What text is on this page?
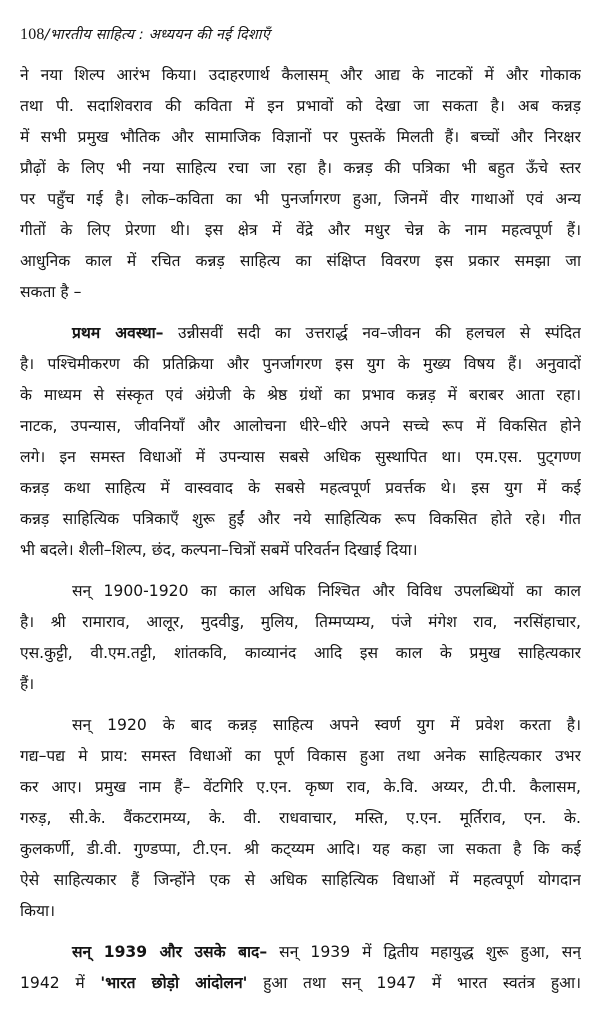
108/भारतीय साहित्य : अध्ययन की नई दिशाएँ
ने नया शिल्प आरंभ किया। उदाहरणार्थ कैलासम् और आद्य के नाटकों में और गोकाक
तथा पी. सदाशिवराव की कविता में इन प्रभावों को देखा जा सकता है। अब कन्नड़
में सभी प्रमुख भौतिक और सामाजिक विज्ञानों पर पुस्तकें मिलती हैं। बच्चों और निरक्षर
प्रौढ़ों के लिए भी नया साहित्य रचा जा रहा है। कन्नड़ की पत्रिका भी बहुत ऊँचे स्तर
पर पहुँच गई है। लोक–कविता का भी पुनर्जागरण हुआ, जिनमें वीर गाथाओं एवं अन्य
गीतों के लिए प्रेरणा थी। इस क्षेत्र में वेंद्रे और मधुर चेन्न के नाम महत्वपूर्ण हैं।
आधुनिक काल में रचित कन्नड़ साहित्य का संक्षिप्त विवरण इस प्रकार समझा जा
सकता है –
प्रथम अवस्था– उन्नीसवीं सदी का उत्तरार्द्ध नव–जीवन की हलचल से स्पंदित
है। पश्चिमीकरण की प्रतिक्रिया और पुनर्जागरण इस युग के मुख्य विषय हैं। अनुवादों
के माध्यम से संस्कृत एवं अंग्रेजी के श्रेष्ठ ग्रंथों का प्रभाव कन्नड़ में बराबर आता रहा।
नाटक, उपन्यास, जीवनियाँ और आलोचना धीरे–धीरे अपने सच्चे रूप में विकसित होने
लगे। इन समस्त विधाओं में उपन्यास सबसे अधिक सुस्थापित था। एम.एस. पुट्गण्ण
कन्नड़ कथा साहित्य में वास्ववाद के सबसे महत्वपूर्ण प्रवर्त्तक थे। इस युग में कई
कन्नड़ साहित्यिक पत्रिकाएँ शुरू हुईं और नये साहित्यिक रूप विकसित होते रहे। गीत
भी बदले। शैली–शिल्प, छंद, कल्पना–चित्रों सबमें परिवर्तन दिखाई दिया।
सन् 1900-1920 का काल अधिक निश्चित और विविध उपलब्धियों का काल
है। श्री रामाराव, आलूर, मुदवीडु, मुलिय, तिम्मप्यम्य, पंजे मंगेश राव, नरसिंहाचार,
एस.कुट्टी, वी.एम.तट्टी, शांतकवि, काव्यानंद आदि इस काल के प्रमुख साहित्यकार
हैं।
सन् 1920 के बाद कन्नड़ साहित्य अपने स्वर्ण युग में प्रवेश करता है।
गद्य–पद्य मे प्राय: समस्त विधाओं का पूर्ण विकास हुआ तथा अनेक साहित्यकार उभर
कर आए। प्रमुख नाम हैं– वेंटगिरि ए.एन. कृष्ण राव, के.वि. अय्यर, टी.पी. कैलासम,
गरुड़, सी.के. वैंकटरामय्य, के. वी. राधवाचार, मस्ति, ए.एन. मूर्तिराव, एन. के.
कुलकर्णी, डी.वी. गुण्डप्पा, टी.एन. श्री कट्य्यम आदि। यह कहा जा सकता है कि कई
ऐसे साहित्यकार हैं जिन्होंने एक से अधिक साहित्यिक विधाओं में महत्वपूर्ण योगदान
किया।
सन् 1939 और उसके बाद– सन् 1939 में द्वितीय महायुद्ध शुरू हुआ, सन्
1942 में 'भारत छोड़ो आंदोलन' हुआ तथा सन् 1947 में भारत स्वतंत्र हुआ।
